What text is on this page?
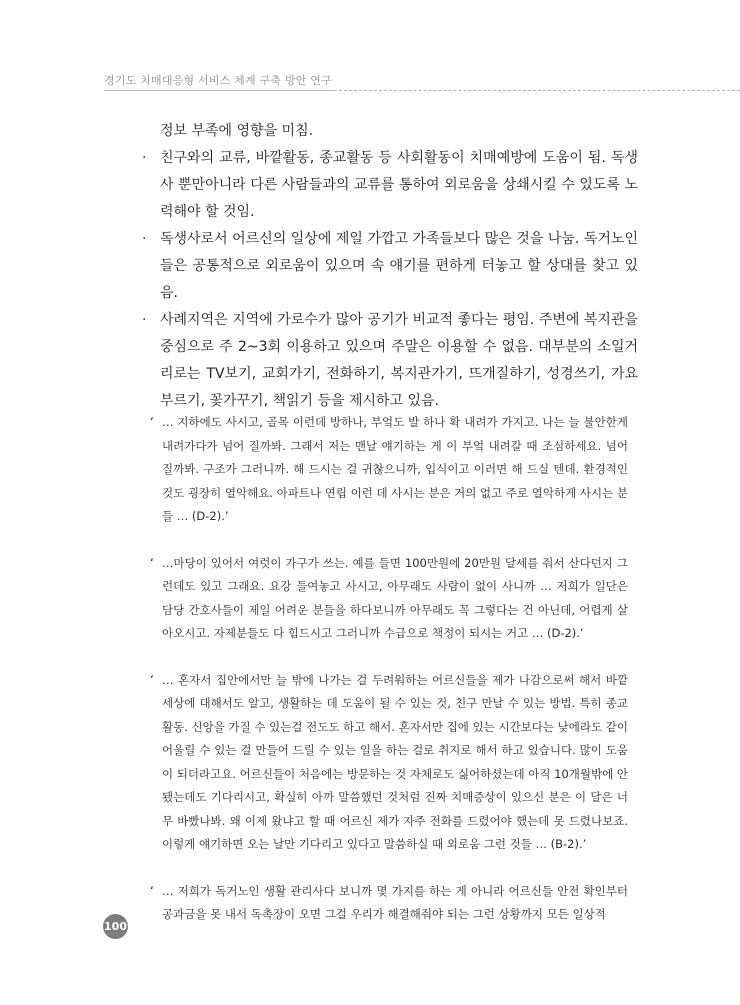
경기도 치매대응형 서비스 체계 구축 방안 연구

정보 부족에 영향을 미침.

· 친구와의 교류, 바깥활동, 종교활동 등 사회활동이 치매예방에 도움이 됨. 독생사 뿐만아니라 다른 사람들과의 교류를 통하여 외로움을 상쇄시킬 수 있도록 노력해야 할 것임.

· 독생사로서 어르신의 일상에 제일 가깝고 가족들보다 많은 것을 나눔. 독거노인들은 공통적으로 외로움이 있으며 속 얘기를 편하게 터놓고 할 상대를 찾고 있음.

· 사례지역은 지역에 가로수가 많아 공기가 비교적 좋다는 평임. 주변에 복지관을 중심으로 주 2~3회 이용하고 있으며 주말은 이용할 수 없음. 대부분의 소일거리로는 TV보기, 교회가기, 전화하기, 복지관가기, 뜨개질하기, 성경쓰기, 가요부르기, 꽃가꾸기, 책읽기 등을 제시하고 있음.

‘ … 지하에도 사시고, 골목 이런데 방하나, 부엌도 발 하나 확 내려가 가지고. 나는 늘 불안한게 내려가다가 넘어 질까봐. 그래서 저는 맨날 얘기하는 게 이 부엌 내려갈 때 조심하세요. 넘어 질까봐. 구조가 그러니까. 해 드시는 걸 귀찮으니까, 입식이고 이러면 해 드실 텐데. 환경적인 것도 굉장히 열악해요. 아파트나 연립 이런 데 사시는 분은 거의 없고 주로 열악하게 사시는 분들 … (D-2).’

‘ …마당이 있어서 여럿이 가구가 쓰는. 예를 들면 100만원에 20만원 달세를 줘서 산다던지 그런데도 있고 그래요. 요강 들여놓고 사시고, 아무래도 사람이 없이 사니까 … 저희가 일단은 담당 간호사들이 제일 어려운 분들을 하다보니까 아무래도 꼭 그렇다는 건 아닌데, 어렵게 살아오시고. 자제분들도 다 힘드시고 그러니까 수급으로 책정이 되시는 거고 … (D-2).’

‘ … 혼자서 집안에서만 늘 밖에 나가는 걸 두려워하는 어르신들을 제가 나감으로써 해서 바깥세상에 대해서도 알고, 생활하는 데 도움이 될 수 있는 것, 친구 만날 수 있는 방법. 특히 종교 활동. 신앙을 가질 수 있는걸 전도도 하고 해서. 혼자서만 집에 있는 시간보다는 낮에라도 같이 어울릴 수 있는 걸 만들어 드릴 수 있는 일을 하는 걸로 취지로 해서 하고 있습니다. 많이 도움이 되더라고요. 어르신들이 처음에는 방문하는 것 자체로도 싫어하셨는데 아직 10개월밖에 안됐는데도 기다리시고, 확실히 아까 말씀했던 것처럼 진짜 치매증상이 있으신 분은 이 달은 너무 바빴나봐. 왜 이제 왔냐고 할 때 어르신 제가 자주 전화를 드렸어야 했는데 못 드렸나보죠. 이렇게 얘기하면 오는 날만 기다리고 있다고 말씀하실 때 외로움 그런 것들 … (B-2).’

‘ … 저희가 독거노인 생활 관리사다 보니까 몇 가지를 하는 게 아니라 어르신들 안전 확인부터 공과금을 못 내서 독촉장이 오면 그걸 우리가 해결해줘야 되는 그런 상황까지 모든 일상적

100
